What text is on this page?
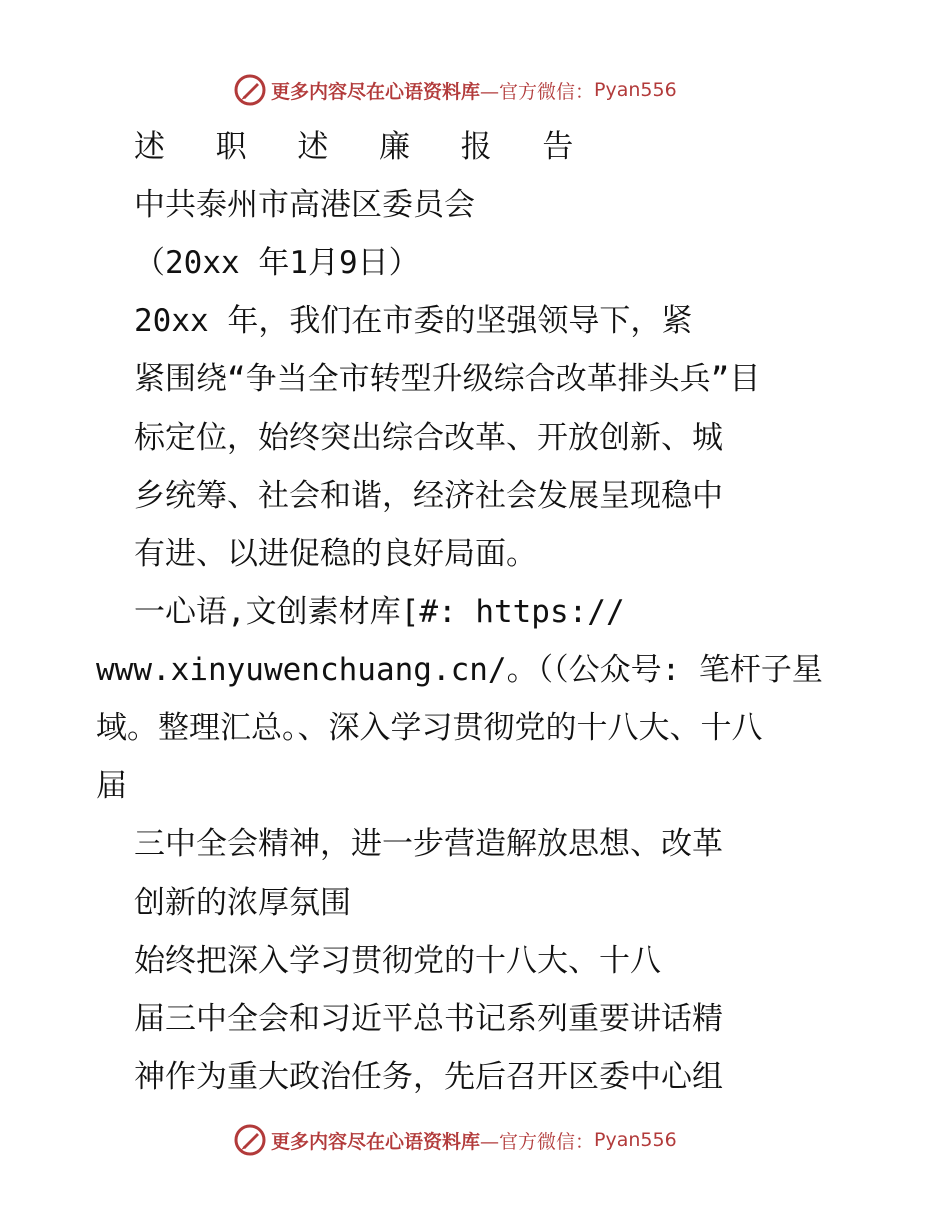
更多内容尽在心语资料库 —官方微信： Pyan556
述 职 述 廉 报 告
中共泰州市高港区委员会
（20xx 年1月9日）
20xx 年，我们在市委的坚强领导下，紧
紧围绕“争当全市转型升级综合改革排头兵”目
标定位，始终突出综合改革、开放创新、城
乡统筹、社会和谐，经济社会发展呈现稳中
有进、以进促稳的良好局面。
一心语,文创素材库[#: https://
www.xinyuwenchuang.cn/。（（公众号: 笔杆子星
域。整理汇总。、深入学习贯彻党的十八大、十八
届
三中全会精神，进一步营造解放思想、改革
创新的浓厚氛围
始终把深入学习贯彻党的十八大、十八
届三中全会和习近平总书记系列重要讲话精
神作为重大政治任务，先后召开区委中心组
更多内容尽在心语资料库 —官方微信： Pyan556
